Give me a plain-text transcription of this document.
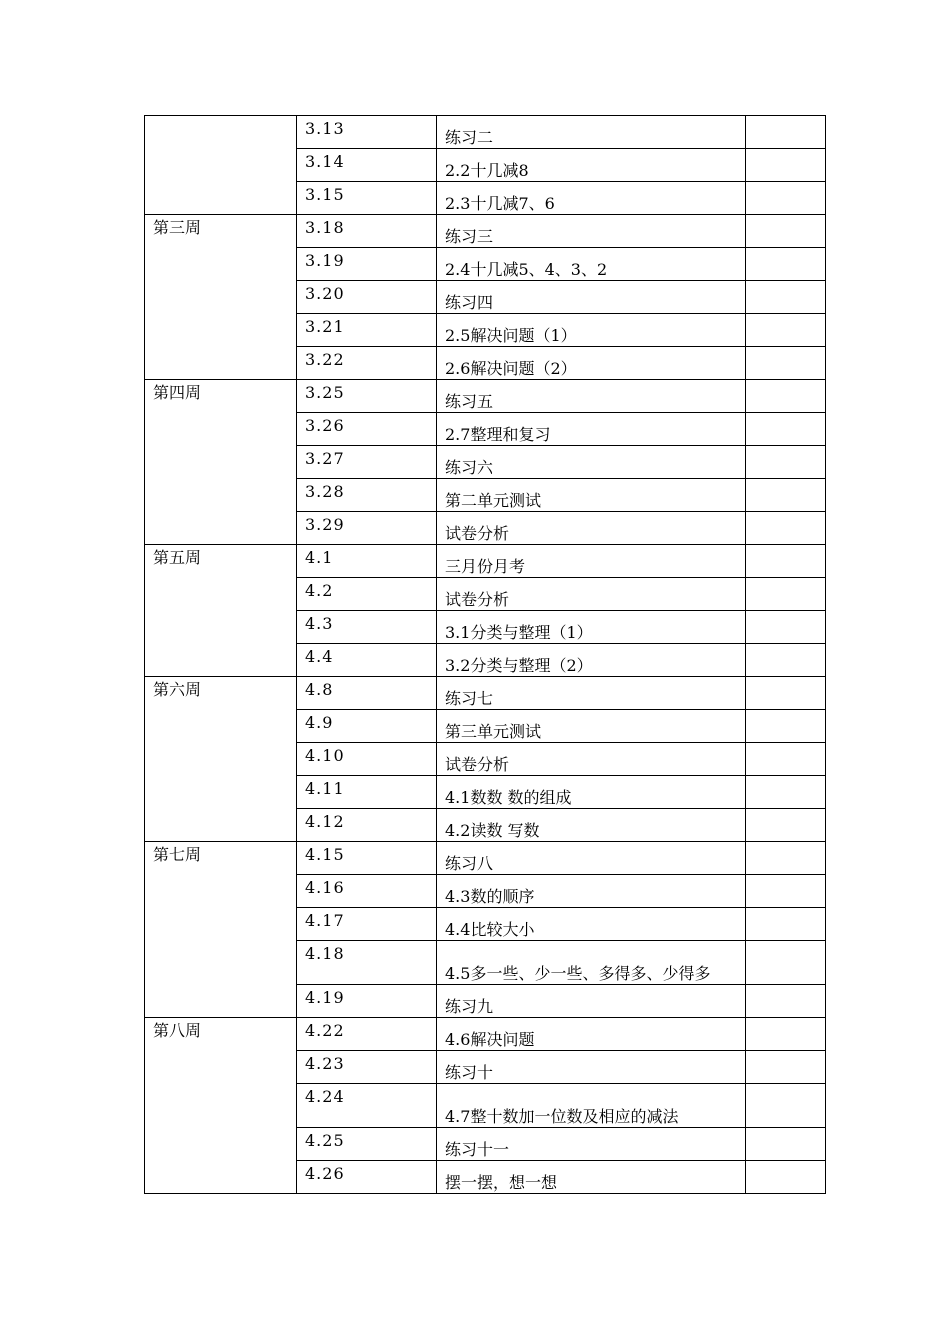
	3.13	练习二	

	3.14	2.2十几减8	

	3.15	2.3十几减7、6	

第三周	3.18	练习三	

	3.19	2.4十几减5、4、3、2	

	3.20	练习四	

	3.21	2.5解决问题（1）	

	3.22	2.6解决问题（2）	

第四周	3.25	练习五	

	3.26	2.7整理和复习	

	3.27	练习六	

	3.28	第二单元测试	

	3.29	试卷分析	

第五周	4.1	三月份月考	

	4.2	试卷分析	

	4.3	3.1分类与整理（1）	

	4.4	3.2分类与整理（2）	

第六周	4.8	练习七	

	4.9	第三单元测试	

	4.10	试卷分析	

	4.11	4.1数数 数的组成	

	4.12	4.2读数 写数	

第七周	4.15	练习八	

	4.16	4.3数的顺序	

	4.17	4.4比较大小	

	4.18	4.5多一些、少一些、多得多、少得多	

	4.19	练习九	

第八周	4.22	4.6解决问题	

	4.23	练习十	

	4.24	4.7整十数加一位数及相应的减法	

	4.25	练习十一	

	4.26	摆一摆，想一想	
